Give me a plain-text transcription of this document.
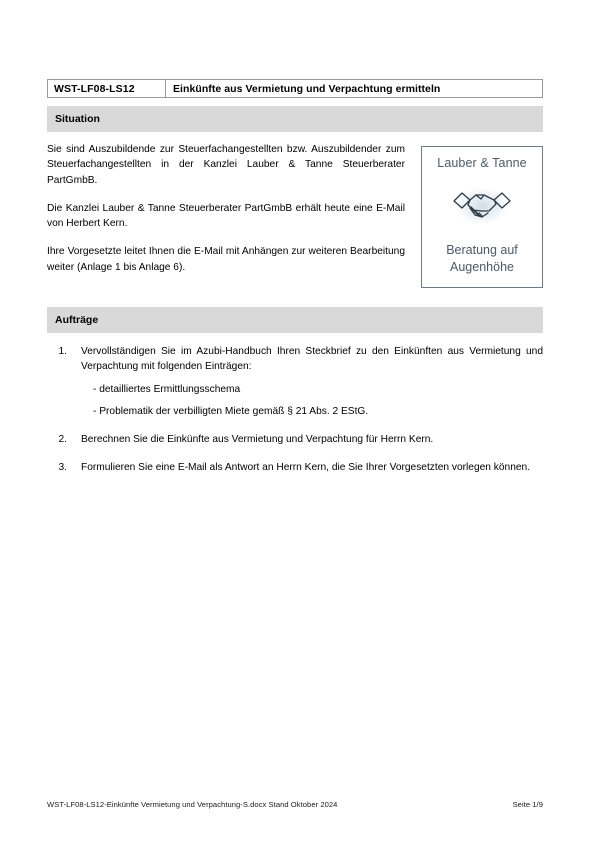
WST-LF08-LS12	Einkünfte aus Vermietung und Verpachtung ermitteln
Situation

Sie sind Auszubildende zur Steuerfachangestellten bzw. Auszubildender zum Steuerfachangestellten in der Kanzlei Lauber & Tanne Steuerberater PartGmbB.

Die Kanzlei Lauber & Tanne Steuerberater PartGmbB erhält heute eine E-Mail von Herbert Kern.

Ihre Vorgesetzte leitet Ihnen die E-Mail mit Anhängen zur weiteren Bearbeitung weiter (Anlage 1 bis Anlage 6).

Lauber & Tanne
Beratung auf
Augenhöhe
Aufträge
1. Vervollständigen Sie im Azubi-Handbuch Ihren Steckbrief zu den Einkünften aus Vermietung und Verpachtung mit folgenden Einträgen:
- detailliertes Ermittlungsschema
- Problematik der verbilligten Miete gemäß § 21 Abs. 2 EStG.
2. Berechnen Sie die Einkünfte aus Vermietung und Verpachtung für Herrn Kern.
3. Formulieren Sie eine E-Mail als Antwort an Herrn Kern, die Sie Ihrer Vorgesetzten vorlegen können.
WST-LF08-LS12-Einkünfte Vermietung und Verpachtung-S.docx Stand Oktober 2024	Seite 1/9
